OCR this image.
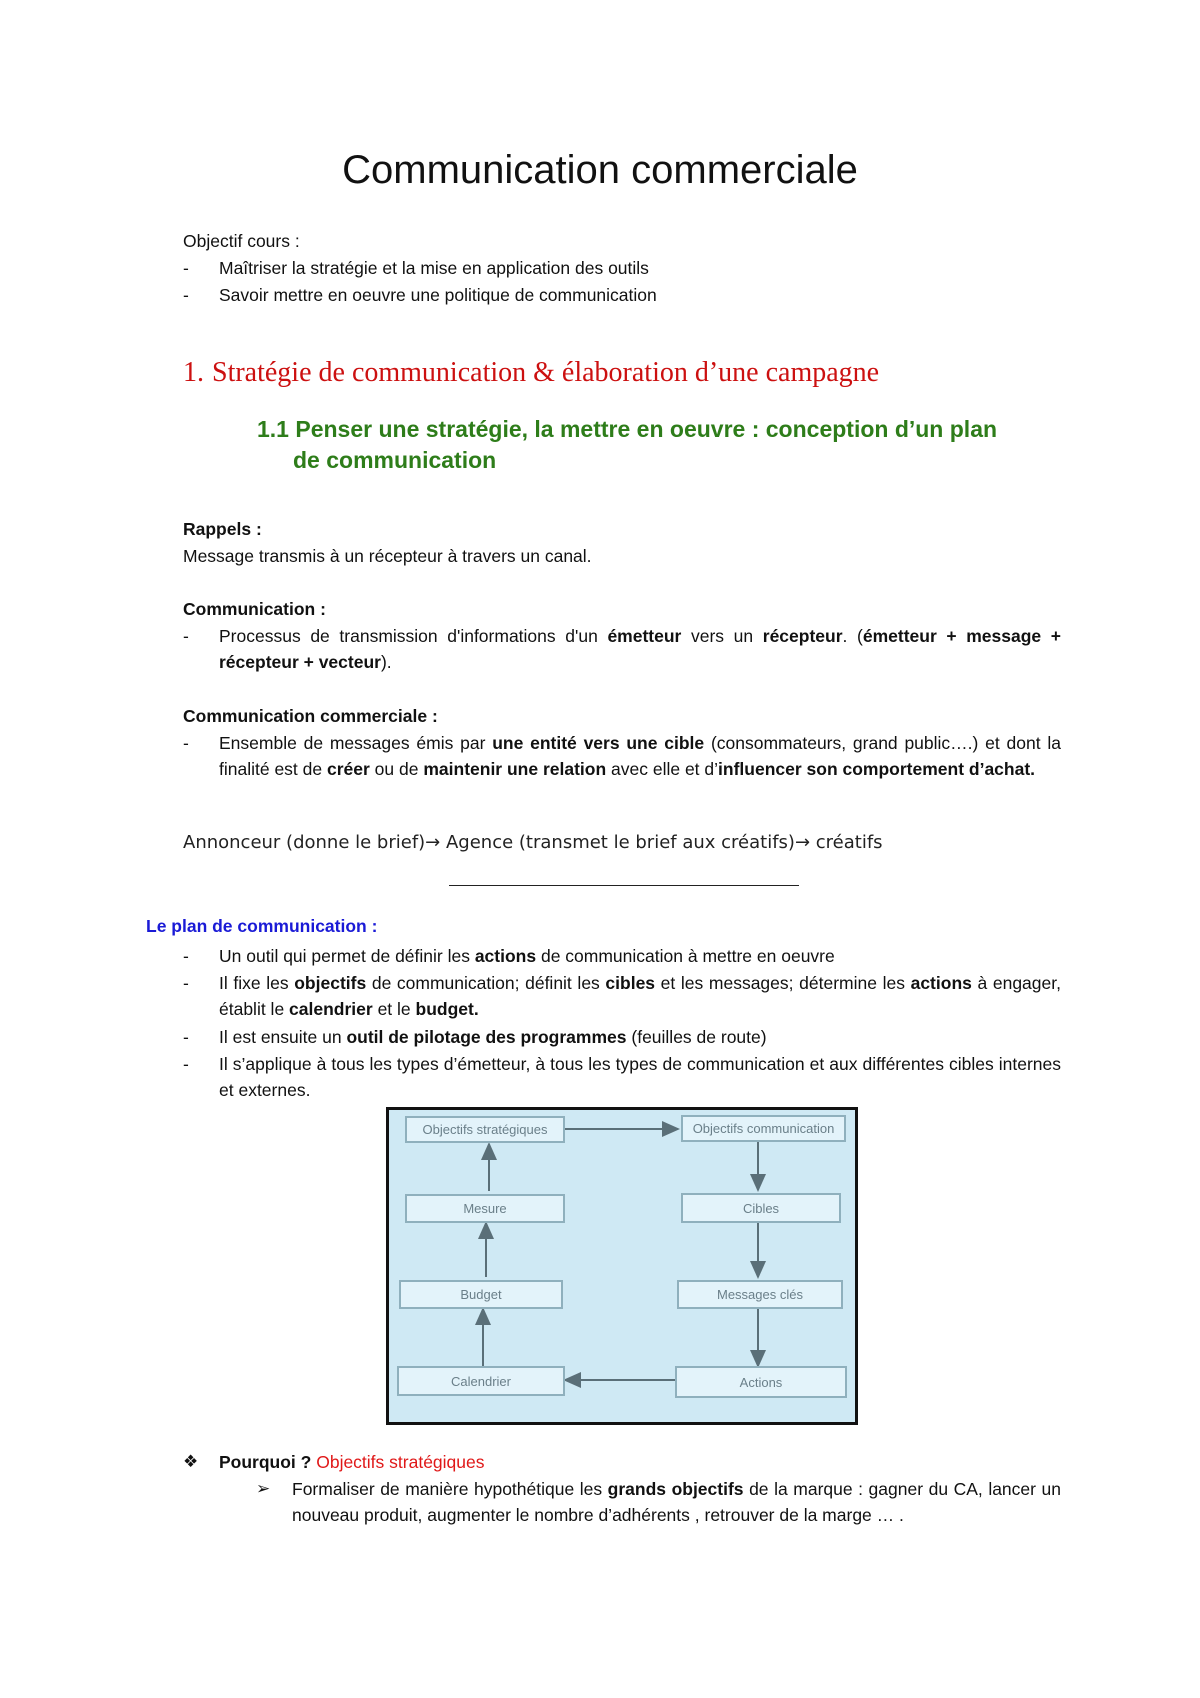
Communication commerciale
Objectif cours :
- Maîtriser la stratégie et la mise en application des outils
- Savoir mettre en oeuvre une politique de communication
1. Stratégie de communication & élaboration d’une campagne
1.1 Penser une stratégie, la mettre en oeuvre : conception d’un plan
de communication
Rappels :
Message transmis à un récepteur à travers un canal.
Communication :
- Processus de transmission d'informations d'un émetteur vers un récepteur. (émetteur + message + récepteur + vecteur).
Communication commerciale :
- Ensemble de messages émis par une entité vers une cible (consommateurs, grand public….) et dont la finalité est de créer ou de maintenir une relation avec elle et d’influencer son comportement d’achat.
Annonceur (donne le brief)→ Agence (transmet le brief aux créatifs)→ créatifs
Le plan de communication :
- Un outil qui permet de définir les actions de communication à mettre en oeuvre
- Il fixe les objectifs de communication; définit les cibles et les messages; détermine les actions à engager, établit le calendrier et le budget.
- Il est ensuite un outil de pilotage des programmes (feuilles de route)
- Il s’applique à tous les types d’émetteur, à tous les types de communication et aux différentes cibles internes et externes.
Objectifs stratégiques	Objectifs communication
Mesure	Cibles
Budget	Messages clés
Calendrier	Actions
❖ Pourquoi ? Objectifs stratégiques
➢ Formaliser de manière hypothétique les grands objectifs de la marque : gagner du CA, lancer un nouveau produit, augmenter le nombre d’adhérents , retrouver de la marge … .
